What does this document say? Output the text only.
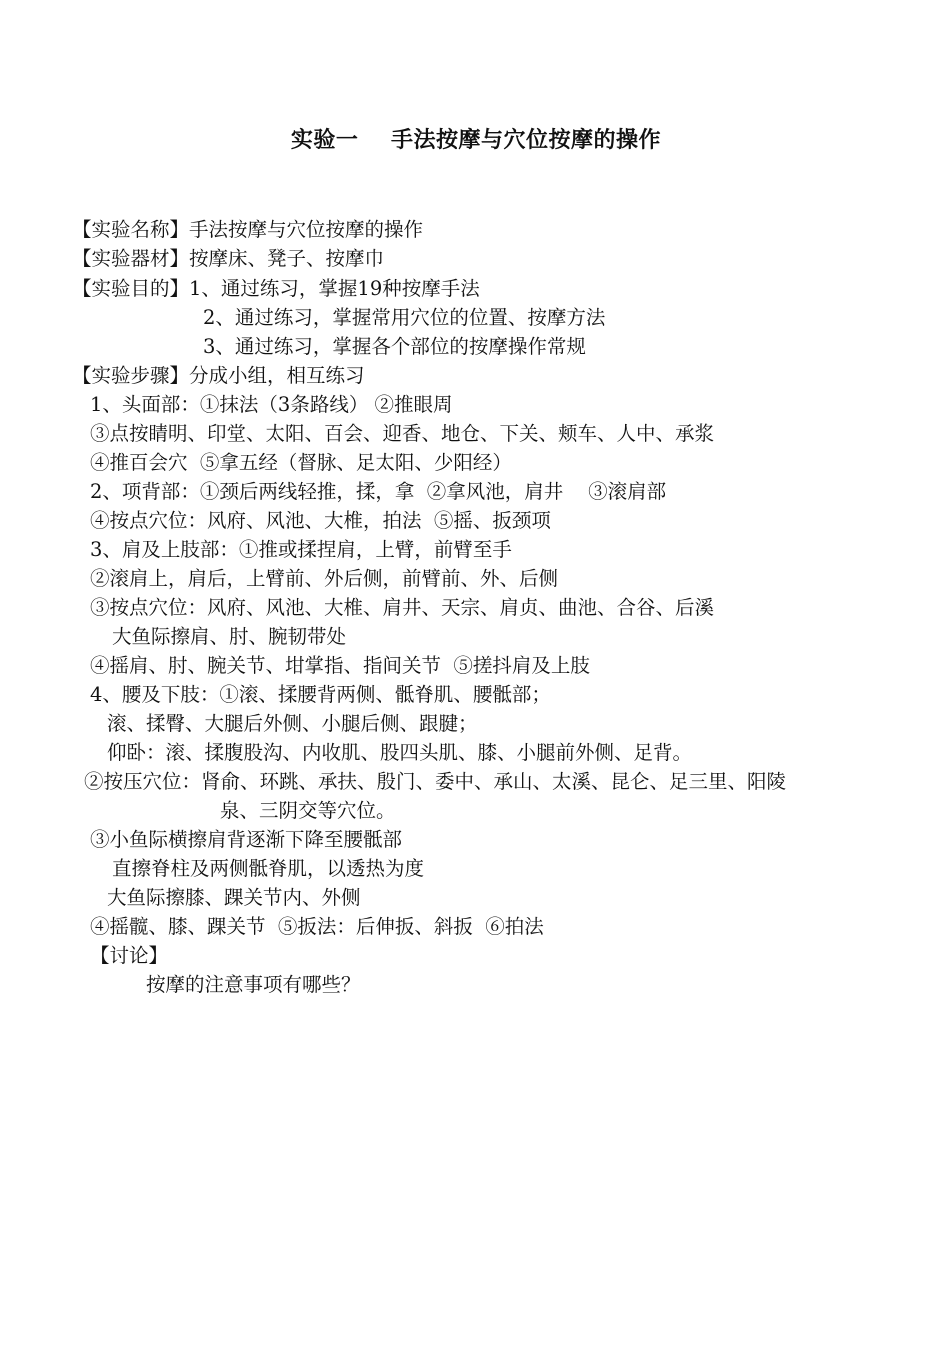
实验一    手法按摩与穴位按摩的操作
【实验名称】手法按摩与穴位按摩的操作
【实验器材】按摩床、凳子、按摩巾
【实验目的】1、通过练习，掌握19种按摩手法
2、通过练习，掌握常用穴位的位置、按摩方法
3、通过练习，掌握各个部位的按摩操作常规
【实验步骤】分成小组，相互练习
1、头面部：①抹法（3条路线） ②推眼周
③点按睛明、印堂、太阳、百会、迎香、地仓、下关、颊车、人中、承浆
④推百会穴  ⑤拿五经（督脉、足太阳、少阳经）
2、项背部：①颈后两线轻推，揉，拿  ②拿风池，肩井    ③滚肩部
④按点穴位：风府、风池、大椎，拍法  ⑤摇、扳颈项
3、肩及上肢部：①推或揉捏肩，上臂，前臂至手
②滚肩上，肩后，上臂前、外后侧，前臂前、外、后侧
③按点穴位：风府、风池、大椎、肩井、天宗、肩贞、曲池、合谷、后溪
大鱼际擦肩、肘、腕韧带处
④摇肩、肘、腕关节、坩掌指、指间关节  ⑤搓抖肩及上肢
4、腰及下肢：①滚、揉腰背两侧、骶脊肌、腰骶部；
滚、揉臀、大腿后外侧、小腿后侧、跟腱；
仰卧：滚、揉腹股沟、内收肌、股四头肌、膝、小腿前外侧、足背。
②按压穴位：肾俞、环跳、承扶、殷门、委中、承山、太溪、昆仑、足三里、阳陵
泉、三阴交等穴位。
③小鱼际横擦肩背逐渐下降至腰骶部
直擦脊柱及两侧骶脊肌，以透热为度
大鱼际擦膝、踝关节内、外侧
④摇髋、膝、踝关节  ⑤扳法：后伸扳、斜扳  ⑥拍法
【讨论】
按摩的注意事项有哪些？
